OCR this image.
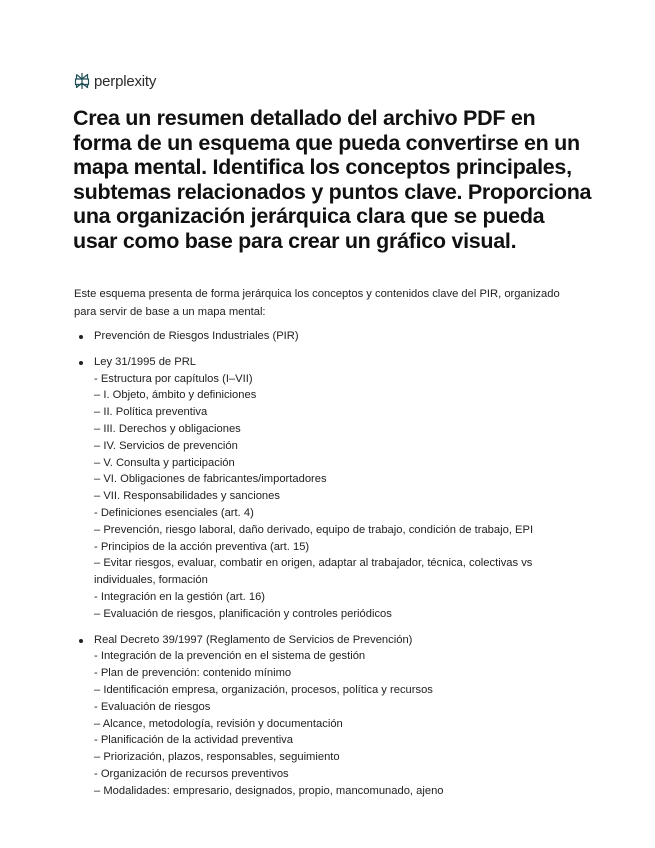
perplexity
Crea un resumen detallado del archivo PDF en forma de un esquema que pueda convertirse en un mapa mental. Identifica los conceptos principales, subtemas relacionados y puntos clave. Proporciona una organización jerárquica clara que se pueda usar como base para crear un gráfico visual.

Este esquema presenta de forma jerárquica los conceptos y contenidos clave del PIR, organizado para servir de base a un mapa mental:

Prevención de Riesgos Industriales (PIR)
Ley 31/1995 de PRL
- Estructura por capítulos (I–VII)
– I. Objeto, ámbito y definiciones
– II. Política preventiva
– III. Derechos y obligaciones
– IV. Servicios de prevención
– V. Consulta y participación
– VI. Obligaciones de fabricantes/importadores
– VII. Responsabilidades y sanciones
- Definiciones esenciales (art. 4)
– Prevención, riesgo laboral, daño derivado, equipo de trabajo, condición de trabajo, EPI
- Principios de la acción preventiva (art. 15)
– Evitar riesgos, evaluar, combatir en origen, adaptar al trabajador, técnica, colectivas vs individuales, formación
- Integración en la gestión (art. 16)
– Evaluación de riesgos, planificación y controles periódicos
Real Decreto 39/1997 (Reglamento de Servicios de Prevención)
- Integración de la prevención en el sistema de gestión
- Plan de prevención: contenido mínimo
– Identificación empresa, organización, procesos, política y recursos
- Evaluación de riesgos
– Alcance, metodología, revisión y documentación
- Planificación de la actividad preventiva
– Priorización, plazos, responsables, seguimiento
- Organización de recursos preventivos
– Modalidades: empresario, designados, propio, mancomunado, ajeno
